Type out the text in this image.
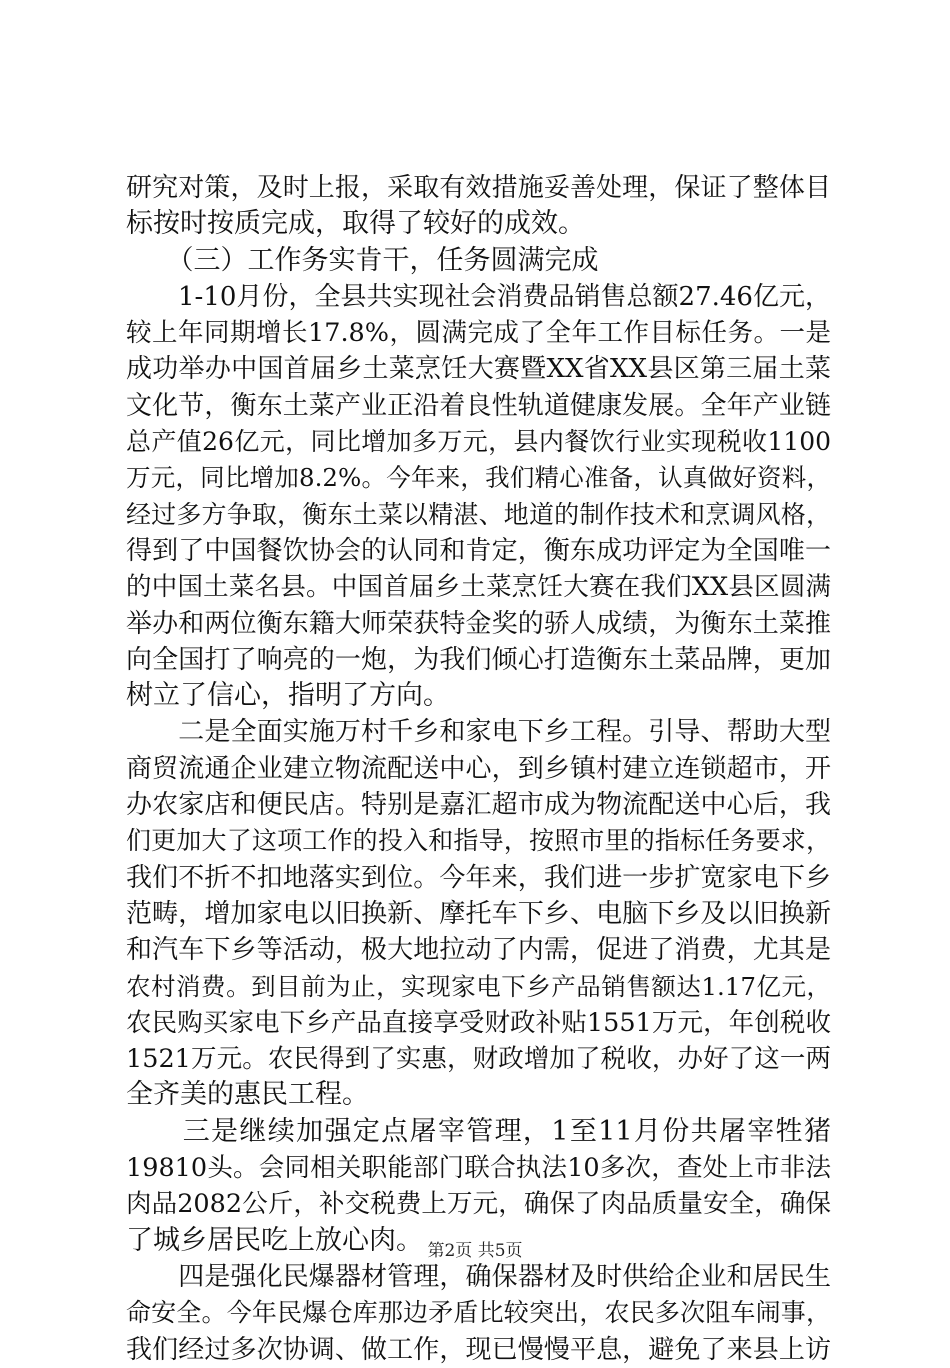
研究对策，及时上报，采取有效措施妥善处理，保证了整体目
标按时按质完成，取得了较好的成效。
　　（三）工作务实肯干，任务圆满完成
　　1-10月份，全县共实现社会消费品销售总额27.46亿元，
较上年同期增长17.8%，圆满完成了全年工作目标任务。一是
成功举办中国首届乡土菜烹饪大赛暨XX省XX县区第三届土菜
文化节，衡东土菜产业正沿着良性轨道健康发展。全年产业链
总产值26亿元，同比增加多万元，县内餐饮行业实现税收1100
万元，同比增加8.2%。今年来，我们精心准备，认真做好资料，
经过多方争取，衡东土菜以精湛、地道的制作技术和烹调风格，
得到了中国餐饮协会的认同和肯定，衡东成功评定为全国唯一
的中国土菜名县。中国首届乡土菜烹饪大赛在我们XX县区圆满
举办和两位衡东籍大师荣获特金奖的骄人成绩，为衡东土菜推
向全国打了响亮的一炮，为我们倾心打造衡东土菜品牌，更加
树立了信心，指明了方向。
　　二是全面实施万村千乡和家电下乡工程。引导、帮助大型
商贸流通企业建立物流配送中心，到乡镇村建立连锁超市，开
办农家店和便民店。特别是嘉汇超市成为物流配送中心后，我
们更加大了这项工作的投入和指导，按照市里的指标任务要求，
我们不折不扣地落实到位。今年来，我们进一步扩宽家电下乡
范畴，增加家电以旧换新、摩托车下乡、电脑下乡及以旧换新
和汽车下乡等活动，极大地拉动了内需，促进了消费，尤其是
农村消费。到目前为止，实现家电下乡产品销售额达1.17亿元，
农民购买家电下乡产品直接享受财政补贴1551万元，年创税收
1521万元。农民得到了实惠，财政增加了税收，办好了这一两
全齐美的惠民工程。
　　三是继续加强定点屠宰管理，1至11月份共屠宰牲猪
19810头。会同相关职能部门联合执法10多次，查处上市非法
肉品2082公斤，补交税费上万元，确保了肉品质量安全，确保
了城乡居民吃上放心肉。
　　四是强化民爆器材管理，确保器材及时供给企业和居民生
命安全。今年民爆仓库那边矛盾比较突出，农民多次阻车闹事，
我们经过多次协调、做工作，现已慢慢平息，避免了来县上访
第2页 共5页
